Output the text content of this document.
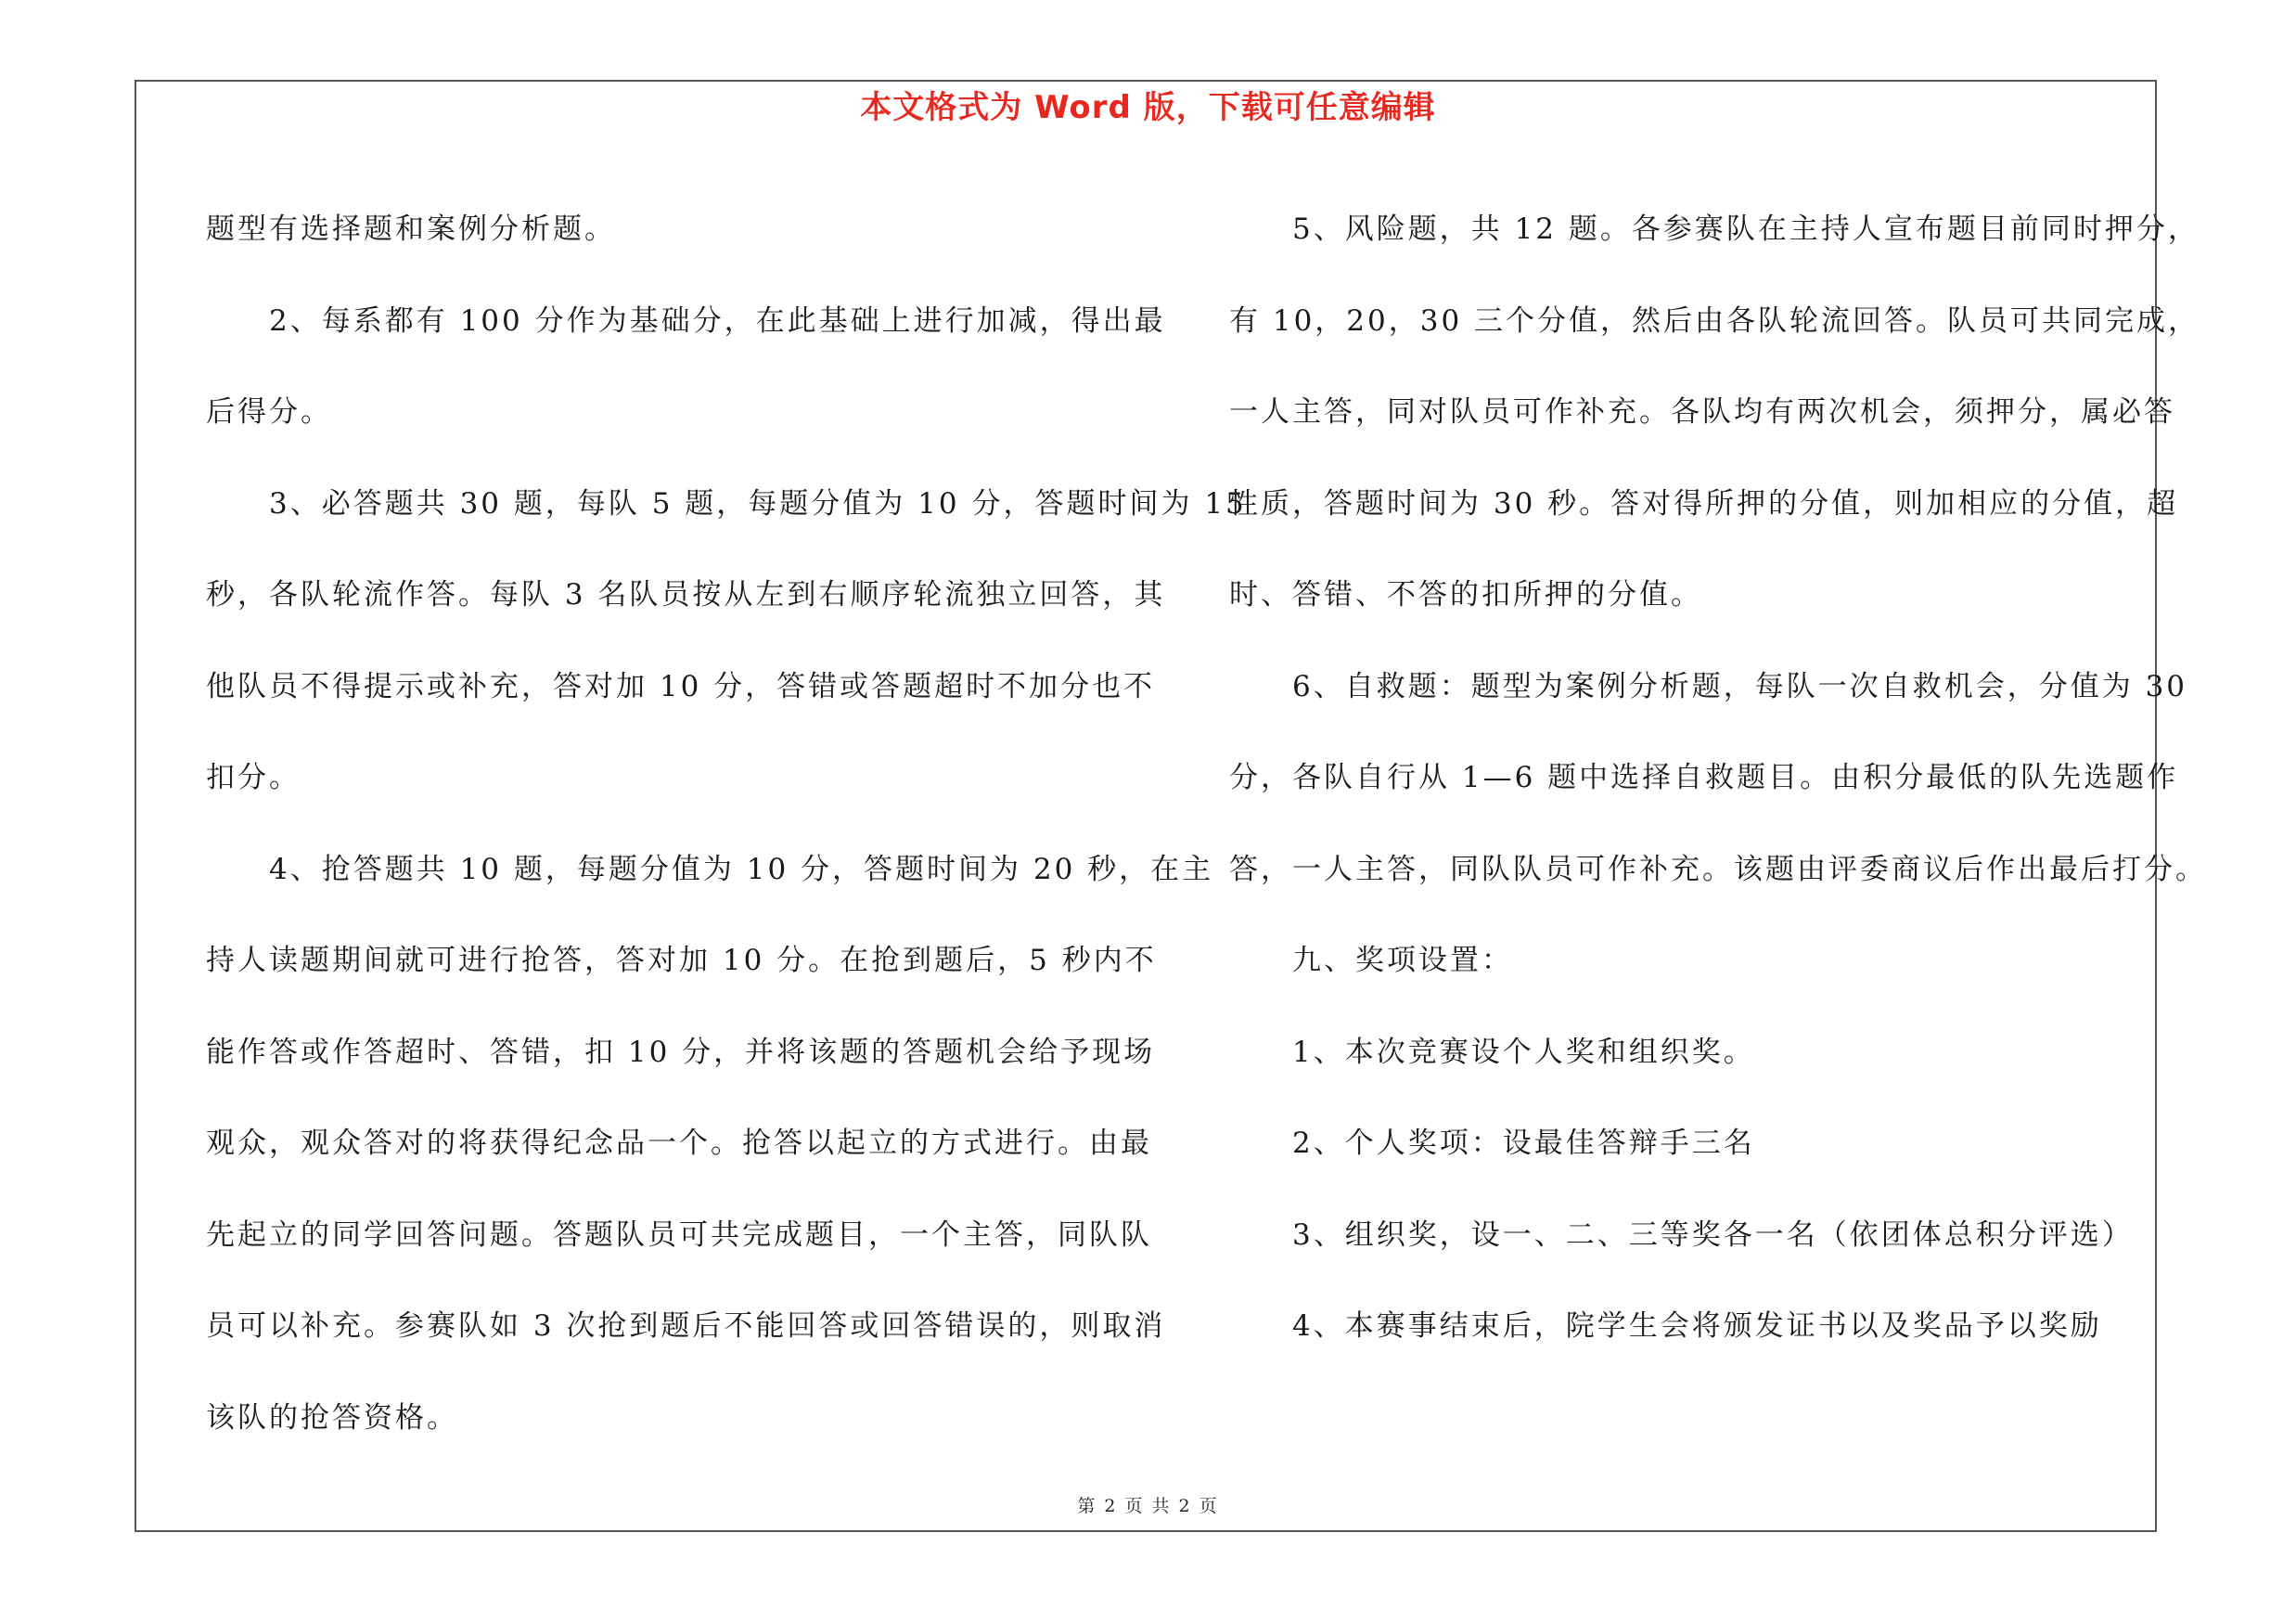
本文格式为 Word 版，下载可任意编辑
题型有选择题和案例分析题。
2、每系都有 100 分作为基础分，在此基础上进行加减，得出最
后得分。
3、必答题共 30 题，每队 5 题，每题分值为 10 分，答题时间为 15
秒，各队轮流作答。每队 3 名队员按从左到右顺序轮流独立回答，其
他队员不得提示或补充，答对加 10 分，答错或答题超时不加分也不
扣分。
4、抢答题共 10 题，每题分值为 10 分，答题时间为 20 秒，在主
持人读题期间就可进行抢答，答对加 10 分。在抢到题后，5 秒内不
能作答或作答超时、答错，扣 10 分，并将该题的答题机会给予现场
观众，观众答对的将获得纪念品一个。抢答以起立的方式进行。由最
先起立的同学回答问题。答题队员可共完成题目，一个主答，同队队
员可以补充。参赛队如 3 次抢到题后不能回答或回答错误的，则取消
该队的抢答资格。
5、风险题，共 12 题。各参赛队在主持人宣布题目前同时押分，
有 10，20，30 三个分值，然后由各队轮流回答。队员可共同完成，
一人主答，同对队员可作补充。各队均有两次机会，须押分，属必答
性质，答题时间为 30 秒。答对得所押的分值，则加相应的分值，超
时、答错、不答的扣所押的分值。
6、自救题：题型为案例分析题，每队一次自救机会，分值为 30
分，各队自行从 1—6 题中选择自救题目。由积分最低的队先选题作
答，一人主答，同队队员可作补充。该题由评委商议后作出最后打分。
九、奖项设置：
1、本次竞赛设个人奖和组织奖。
2、个人奖项：设最佳答辩手三名
3、组织奖，设一、二、三等奖各一名（依团体总积分评选）
4、本赛事结束后，院学生会将颁发证书以及奖品予以奖励
第 2 页 共 2 页
